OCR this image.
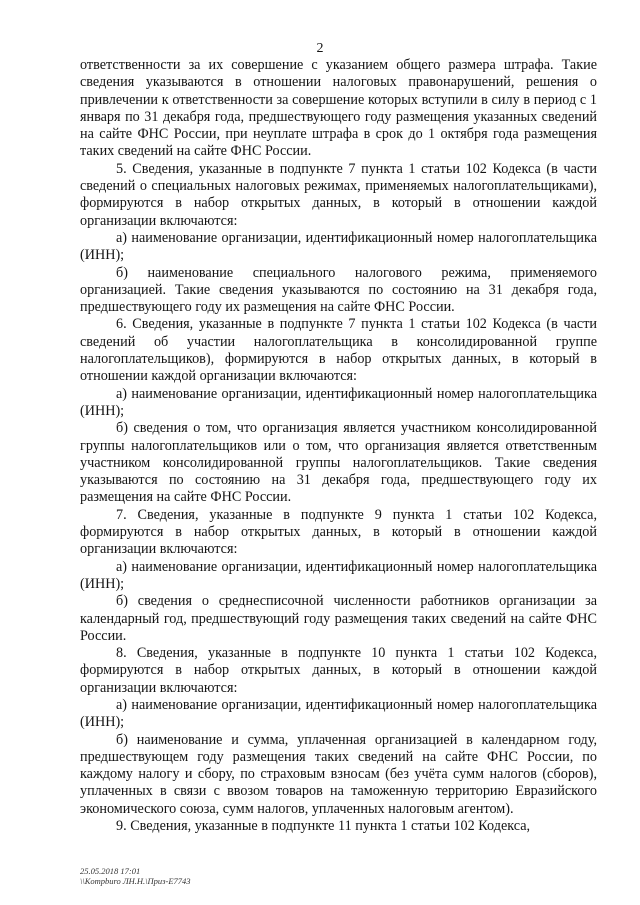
2

ответственности за их совершение с указанием общего размера штрафа. Такие сведения указываются в отношении налоговых правонарушений, решения о привлечении к ответственности за совершение которых вступили в силу в период с 1 января по 31 декабря года, предшествующего году размещения указанных сведений на сайте ФНС России, при неуплате штрафа в срок до 1 октября года размещения таких сведений на сайте ФНС России.

5. Сведения, указанные в подпункте 7 пункта 1 статьи 102 Кодекса (в части сведений о специальных налоговых режимах, применяемых налогоплательщиками), формируются в набор открытых данных, в который в отношении каждой организации включаются:

а) наименование организации, идентификационный номер налогоплательщика (ИНН);

б) наименование специального налогового режима, применяемого организацией. Такие сведения указываются по состоянию на 31 декабря года, предшествующего году их размещения на сайте ФНС России.

6. Сведения, указанные в подпункте 7 пункта 1 статьи 102 Кодекса (в части сведений об участии налогоплательщика в консолидированной группе налогоплательщиков), формируются в набор открытых данных, в который в отношении каждой организации включаются:

а) наименование организации, идентификационный номер налогоплательщика (ИНН);

б) сведения о том, что организация является участником консолидированной группы налогоплательщиков или о том, что организация является ответственным участником консолидированной группы налогоплательщиков. Такие сведения указываются по состоянию на 31 декабря года, предшествующего году их размещения на сайте ФНС России.

7. Сведения, указанные в подпункте 9 пункта 1 статьи 102 Кодекса, формируются в набор открытых данных, в который в отношении каждой организации включаются:

а) наименование организации, идентификационный номер налогоплательщика (ИНН);

б) сведения о среднесписочной численности работников организации за календарный год, предшествующий году размещения таких сведений на сайте ФНС России.

8. Сведения, указанные в подпункте 10 пункта 1 статьи 102 Кодекса, формируются в набор открытых данных, в который в отношении каждой организации включаются:

а) наименование организации, идентификационный номер налогоплательщика (ИНН);

б) наименование и сумма, уплаченная организацией в календарном году, предшествующем году размещения таких сведений на сайте ФНС России, по каждому налогу и сбору, по страховым взносам (без учёта сумм налогов (сборов), уплаченных в связи с ввозом товаров на таможенную территорию Евразийского экономического союза, сумм налогов, уплаченных налоговым агентом).

9. Сведения, указанные в подпункте 11 пункта 1 статьи 102 Кодекса,

25.05.2018 17:01
\\Kompburo ЛН.Н.\Приз-Е7743
